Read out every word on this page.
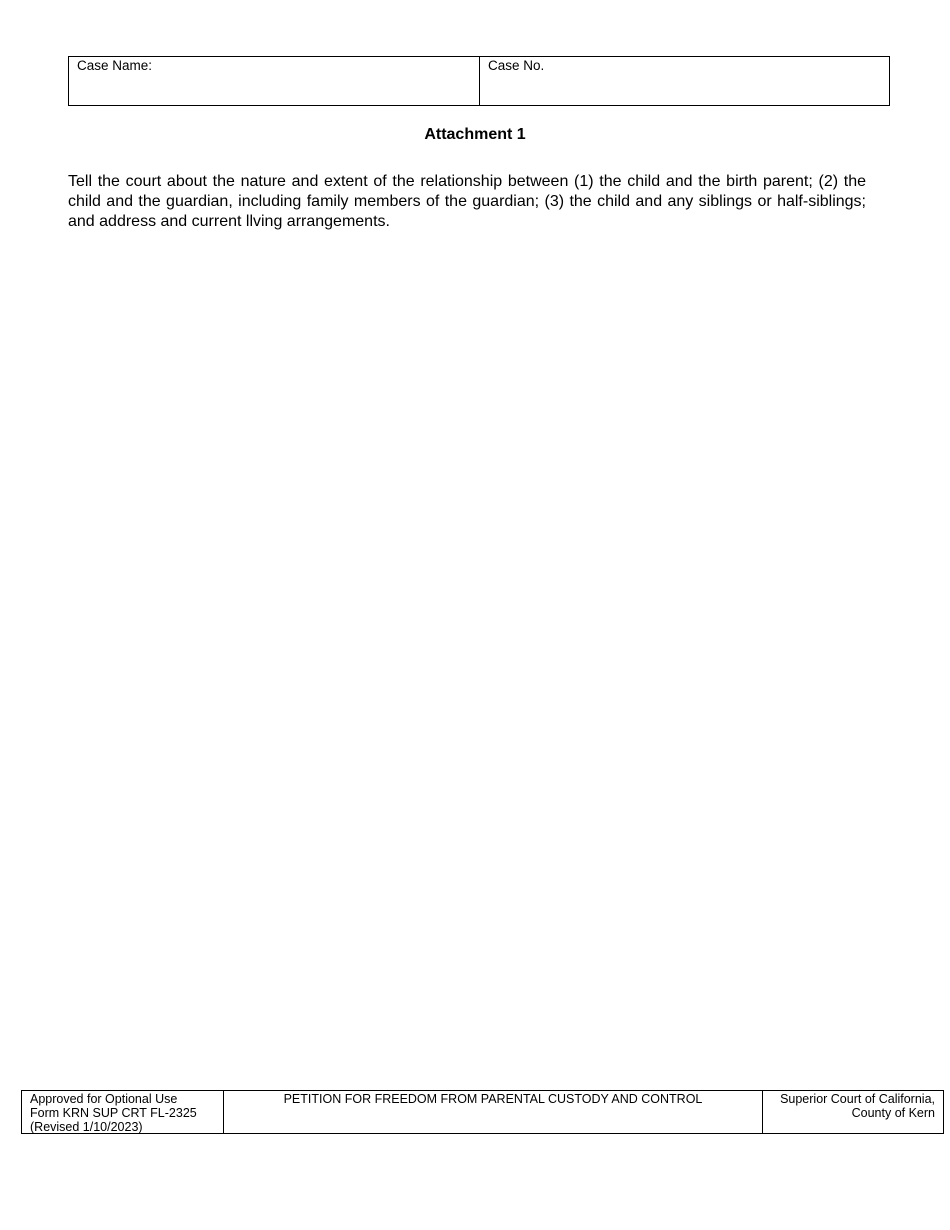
Case Name:	Case No.
Attachment 1

Tell the court about the nature and extent of the relationship between (1) the child and the birth parent; (2) the child and the guardian, including family members of the guardian; (3) the child and any siblings or half-siblings; and address and current llving arrangements.

Approved for Optional Use
Form KRN SUP CRT FL-2325
(Revised 1/10/2023)
PETITION FOR FREEDOM FROM PARENTAL CUSTODY AND CONTROL	Superior Court of California,
County of Kern
